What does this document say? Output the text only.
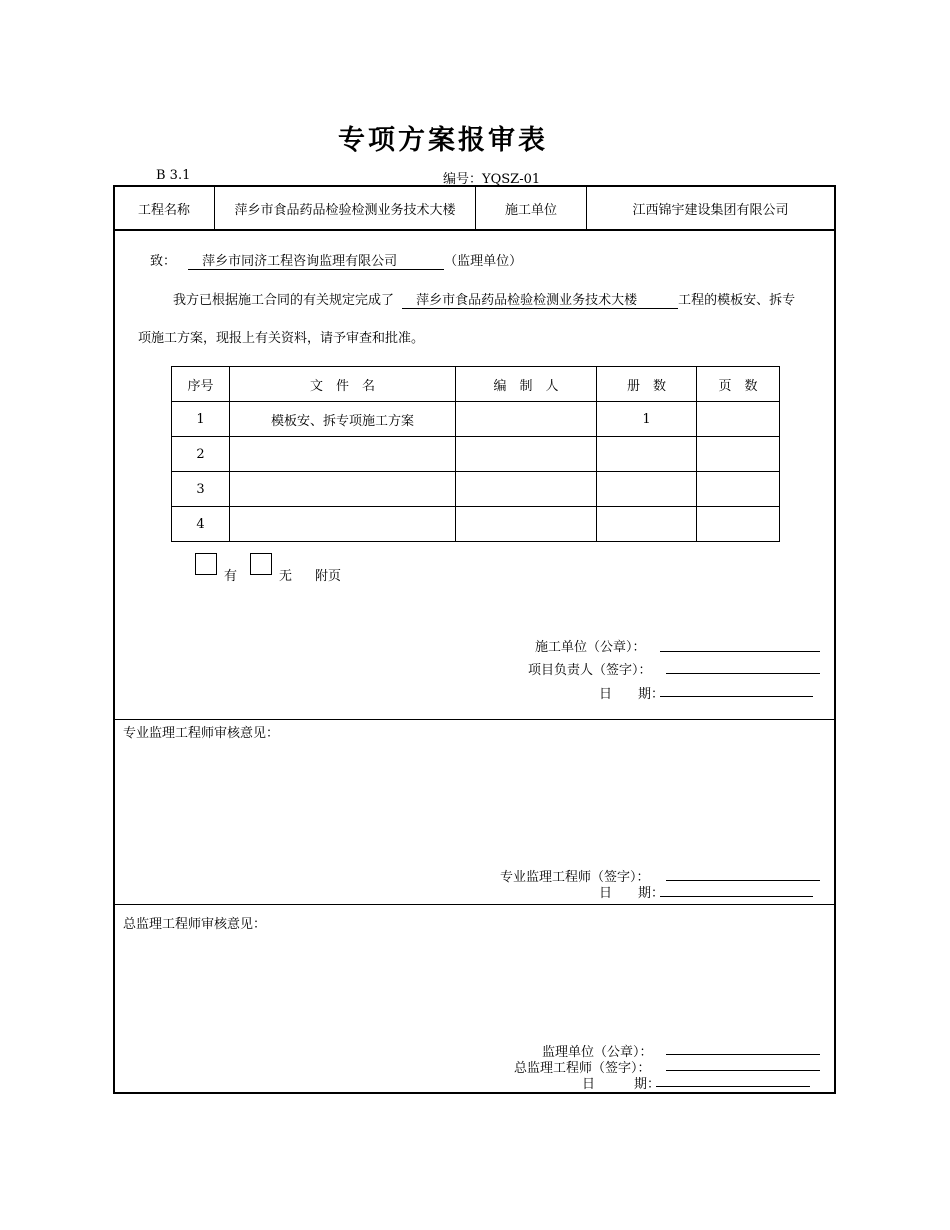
专项方案报审表
B 3.1	编号：YQSZ-01
工程名称	萍乡市食品药品检验检测业务技术大楼	施工单位	江西锦宇建设集团有限公司
致： 萍乡市同济工程咨询监理有限公司	（监理单位）
我方已根据施工合同的有关规定完成了 萍乡市食品药品检验检测业务技术大楼	工程的模板安、拆专
项施工方案，现报上有关资料，请予审查和批准。
序号	文　件　名	编　制　人	册　数	页　数
1	模板安、拆专项施工方案		1	
2				
3				
4				
有	无 附页
施工单位（公章）：
项目负责人（签字）：
日　　期：
专业监理工程师审核意见：
专业监理工程师（签字）：
日　　期：
总监理工程师审核意见：
监理单位（公章）：
总监理工程师（签字）：
日　　　期：
